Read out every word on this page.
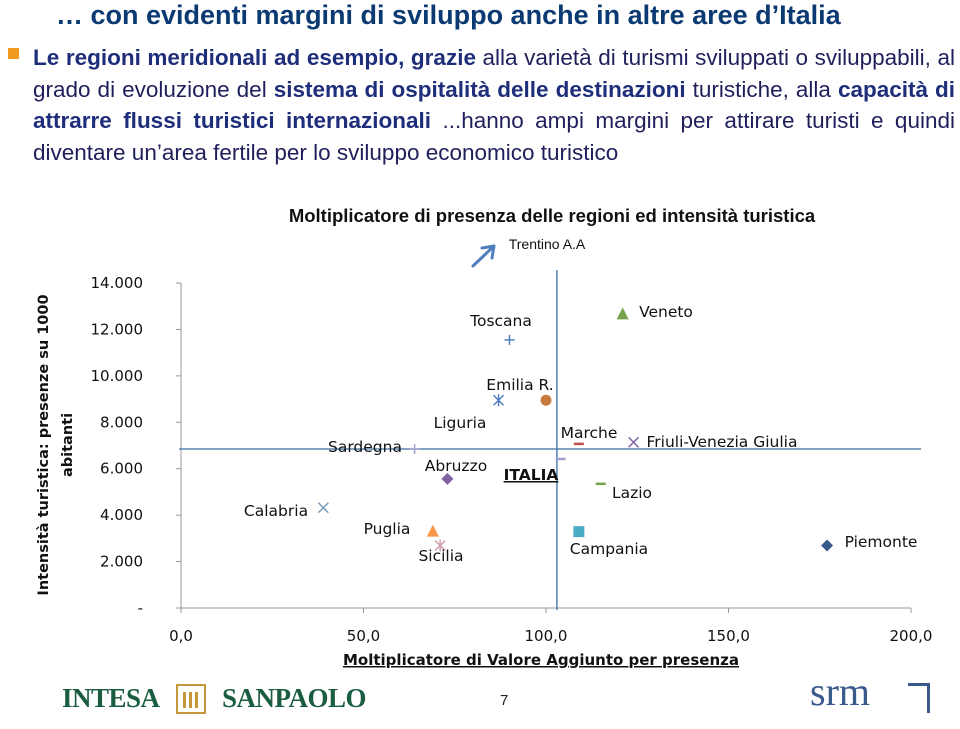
… con evidenti margini di sviluppo anche in altre aree d’Italia
Le regioni meridionali ad esempio, grazie alla varietà di turismi sviluppati o sviluppabili, al grado di evoluzione del sistema di ospitalità delle destinazioni turistiche, alla capacità di attrarre flussi turistici internazionali ...hanno ampi margini per attirare turisti e quindi diventare un’area fertile per lo sviluppo economico turistico
Moltiplicatore di presenza delle regioni ed intensità turistica
-
2.000
4.000
6.000
8.000
10.000
12.000
14.000
0,0	50,0	100,0	150,0	200,0
Moltiplicatore di Valore Aggiunto per presenza
Intensità turistica: presenze su 1000 abitanti
Trentino A.A
Toscana	Veneto
Emilia R.
Liguria
Marche Friuli-Venezia Giulia
Sardegna
ITALIA
Abruzzo
Lazio
Calabria
Campania
Puglia
Sicilia
Piemonte
INTESA SANPAOLO	7	srm
